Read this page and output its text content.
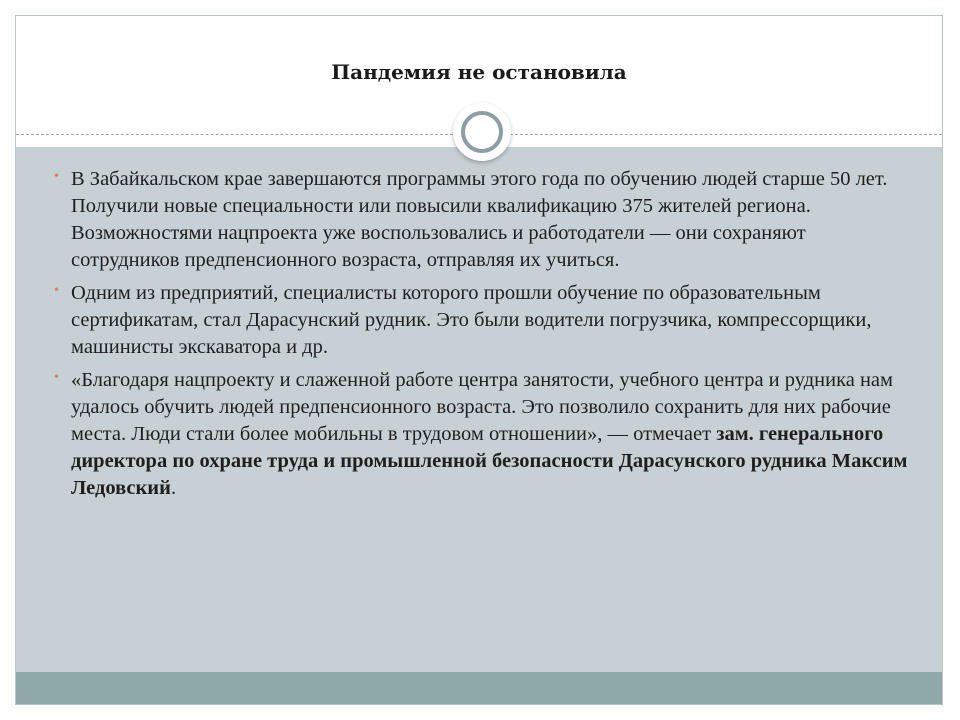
Пандемия не остановила
• В Забайкальском крае завершаются программы этого года по обучению людей старше 50 лет. Получили новые специальности или повысили квалификацию 375 жителей региона. Возможностями нацпроекта уже воспользовались и работодатели — они сохраняют сотрудников предпенсионного возраста, отправляя их учиться.
• Одним из предприятий, специалисты которого прошли обучение по образовательным сертификатам, стал Дарасунский рудник. Это были водители погрузчика, компрессорщики, машинисты экскаватора и др.
• «Благодаря нацпроекту и слаженной работе центра занятости, учебного центра и рудника нам удалось обучить людей предпенсионного возраста. Это позволило сохранить для них рабочие места. Люди стали более мобильны в трудовом отношении», — отмечает зам. генерального директора по охране труда и промышленной безопасности Дарасунского рудника Максим Ледовский.
